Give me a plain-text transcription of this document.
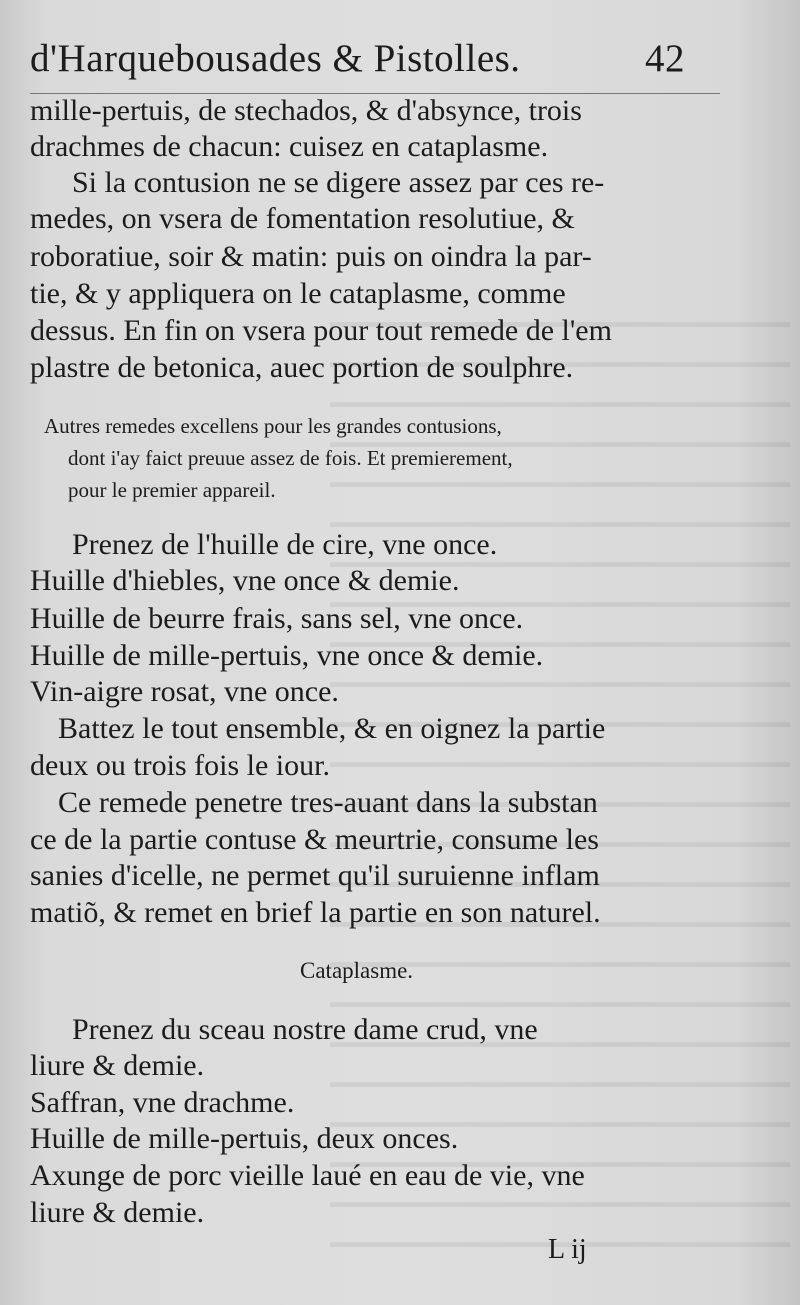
d'Harquebousades & Pistolles.	42
mille-pertuis, de stechados, & d'absynce, trois
drachmes de chacun: cuisez en cataplasme.
Si la contusion ne se digere assez par ces re-
medes, on vsera de fomentation resolutiue, &
roboratiue, soir & matin: puis on oindra la par-
tie, & y appliquera on le cataplasme, comme
dessus. En fin on vsera pour tout remede de l'em
plastre de betonica, auec portion de soulphre.
Autres remedes excellens pour les grandes contusions,
dont i'ay faict preuue assez de fois. Et premierement,
pour le premier appareil.
Prenez de l'huille de cire, vne once.
Huille d'hiebles, vne once & demie.
Huille de beurre frais, sans sel, vne once.
Huille de mille-pertuis, vne once & demie.
Vin-aigre rosat, vne once.
Battez le tout ensemble, & en oignez la partie
deux ou trois fois le iour.
Ce remede penetre tres-auant dans la substan
ce de la partie contuse & meurtrie, consume les
sanies d'icelle, ne permet qu'il suruienne inflam
matiõ, & remet en brief la partie en son naturel.
Cataplasme.
Prenez du sceau nostre dame crud, vne
liure & demie.
Saffran, vne drachme.
Huille de mille-pertuis, deux onces.
Axunge de porc vieille laué en eau de vie, vne
liure & demie.
L ij
